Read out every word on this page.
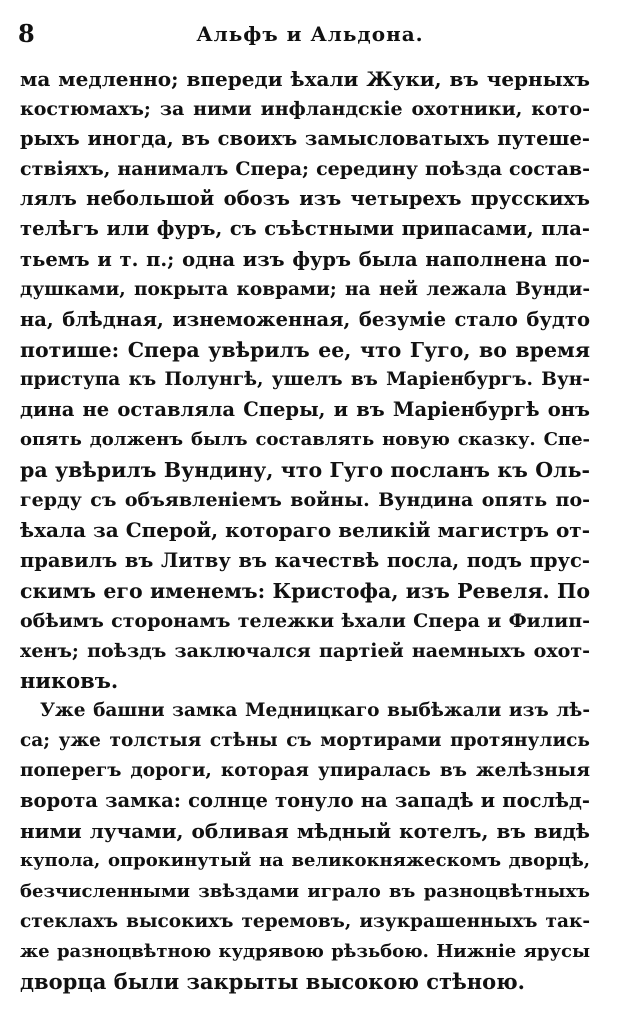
8	Альфъ и Альдона.
ма медленно; впереди ѣхали Жуки, въ черныхъ
костюмахъ; за ними инфландскіе охотники, кото-
рыхъ иногда, въ своихъ замысловатыхъ путеше-
ствіяхъ, нанималъ Спера; середину поѣзда состав-
лялъ небольшой обозъ изъ четырехъ прусскихъ
телѣгъ или фуръ, съ съѣстными припасами, пла-
тьемъ и т. п.; одна изъ фуръ была наполнена по-
душками, покрыта коврами; на ней лежала Вунди-
на, блѣдная, изнеможенная, безуміе стало будто
потише: Спера увѣрилъ ее, что Гуго, во время
приступа къ Полунгѣ, ушелъ въ Маріенбургъ. Вун-
дина не оставляла Сперы, и въ Маріенбургѣ онъ
опять долженъ былъ составлять новую сказку. Спе-
ра увѣрилъ Вундину, что Гуго посланъ къ Оль-
герду съ объявленіемъ войны. Вундина опять по-
ѣхала за Сперой, котораго великій магистръ от-
правилъ въ Литву въ качествѣ посла, подъ прус-
скимъ его именемъ: Кристофа, изъ Ревеля. По
обѣимъ сторонамъ тележки ѣхали Спера и Филип-
хенъ; поѣздъ заключался партіей наемныхъ охот-
никовъ.
Уже башни замка Медницкаго выбѣжали изъ лѣ-
са; уже толстыя стѣны съ мортирами протянулись
поперегъ дороги, которая упиралась въ желѣзныя
ворота замка: солнце тонуло на западѣ и послѣд-
ними лучами, обливая мѣдный котелъ, въ видѣ
купола, опрокинутый на великокняжескомъ дворцѣ,
безчисленными звѣздами играло въ разноцвѣтныхъ
стеклахъ высокихъ теремовъ, изукрашенныхъ так-
же разноцвѣтною кудрявою рѣзьбою. Нижніе ярусы
дворца были закрыты высокою стѣною.
